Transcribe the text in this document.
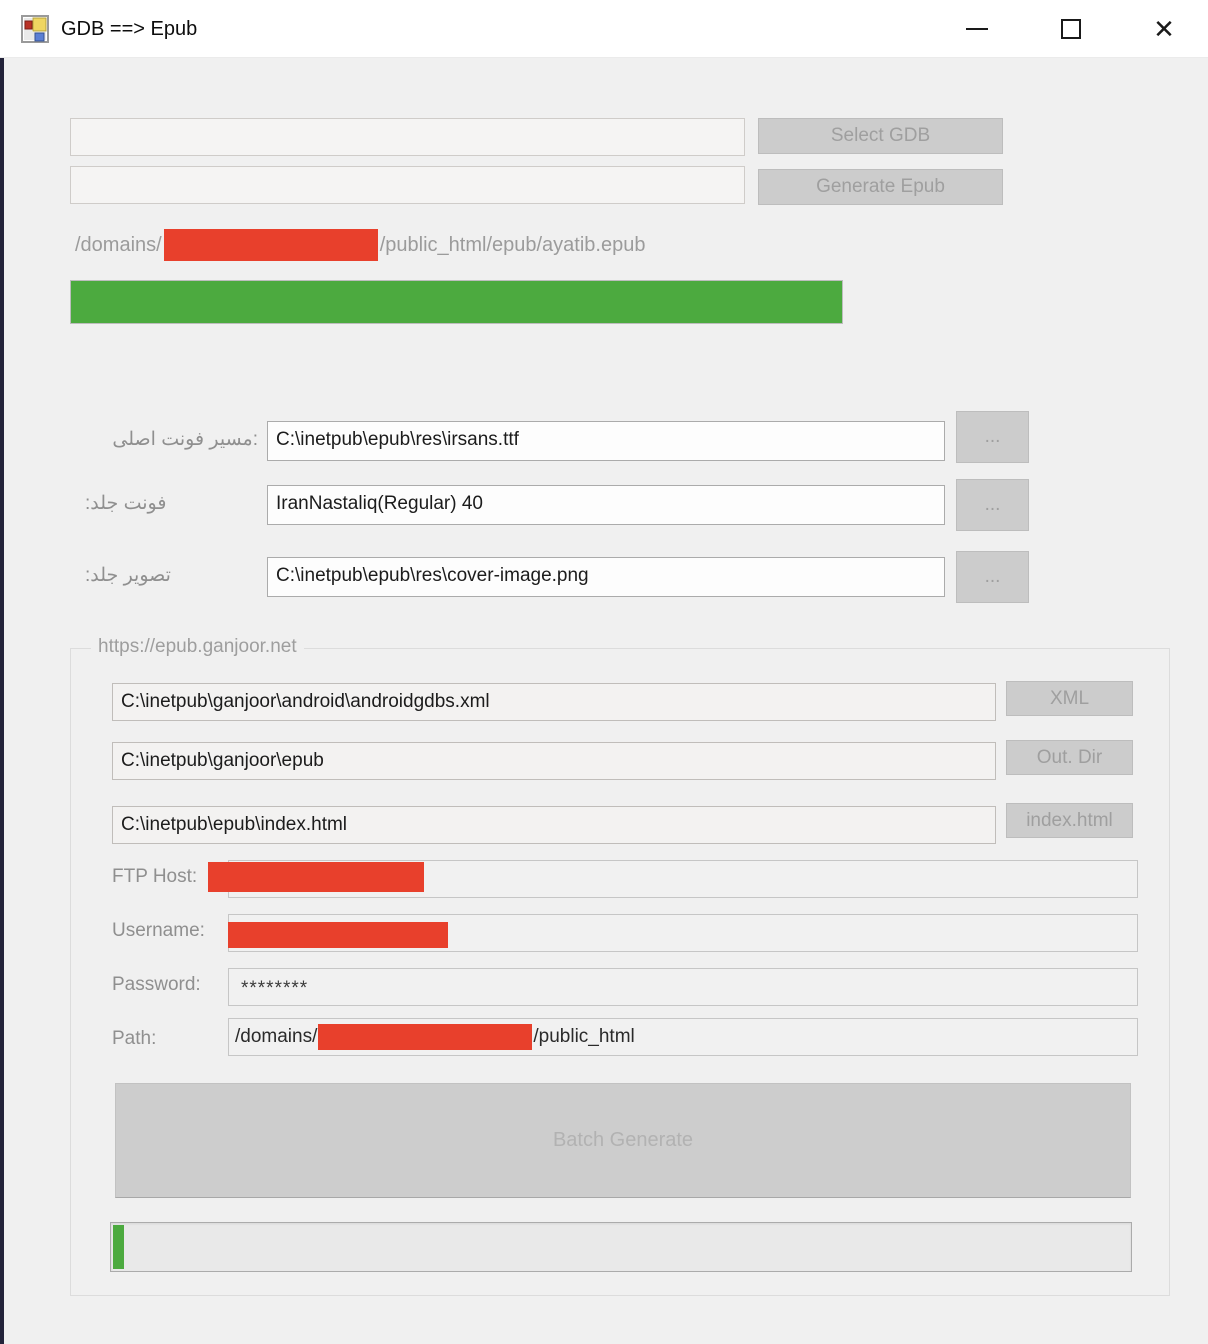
GDB ==> Epub	✕
Select GDB
Generate Epub
/domains/	/public_html/epub/ayatib.epub
مسیر فونت اصلی: C:\inetpub\epub\res\irsans.ttf	...
فونت جلد:	IranNastaliq(Regular) 40	...
تصویر جلد:	C:\inetpub\epub\res\cover-image.png	...
https://epub.ganjoor.net
C:\inetpub\ganjoor\android\androidgdbs.xml	XML
C:\inetpub\ganjoor\epub	Out. Dir
C:\inetpub\epub\index.html	index.html
FTP Host:
Username:
Password:	********
Path:	/domains/	/public_html
Batch Generate
